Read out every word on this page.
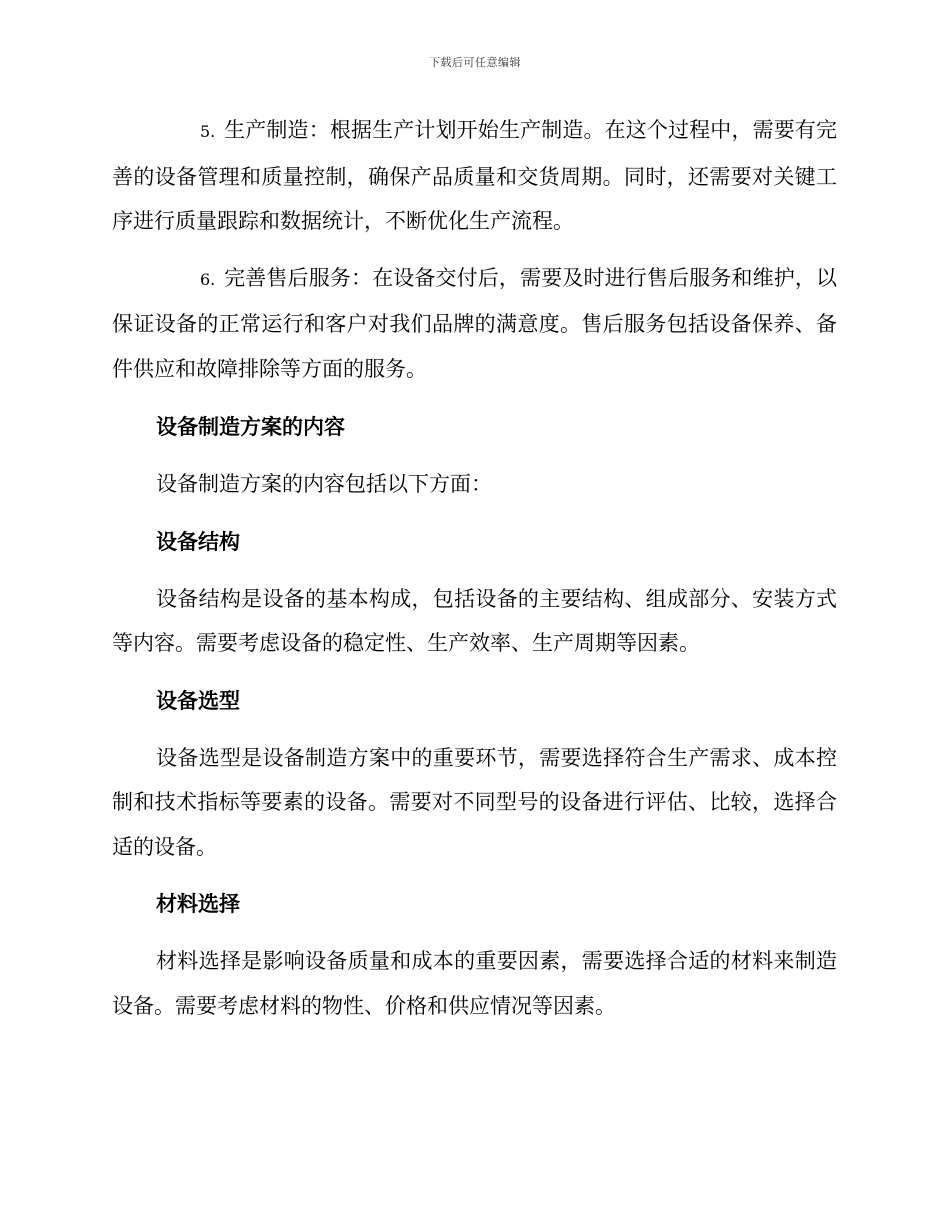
下载后可任意编辑

5. 生产制造：根据生产计划开始生产制造。在这个过程中，需要有完善的设备管理和质量控制，确保产品质量和交货周期。同时，还需要对关键工序进行质量跟踪和数据统计，不断优化生产流程。

6. 完善售后服务：在设备交付后，需要及时进行售后服务和维护，以保证设备的正常运行和客户对我们品牌的满意度。售后服务包括设备保养、备件供应和故障排除等方面的服务。

设备制造方案的内容

设备制造方案的内容包括以下方面：

设备结构

设备结构是设备的基本构成，包括设备的主要结构、组成部分、安装方式等内容。需要考虑设备的稳定性、生产效率、生产周期等因素。

设备选型

设备选型是设备制造方案中的重要环节，需要选择符合生产需求、成本控制和技术指标等要素的设备。需要对不同型号的设备进行评估、比较，选择合适的设备。

材料选择

材料选择是影响设备质量和成本的重要因素，需要选择合适的材料来制造设备。需要考虑材料的物性、价格和供应情况等因素。
